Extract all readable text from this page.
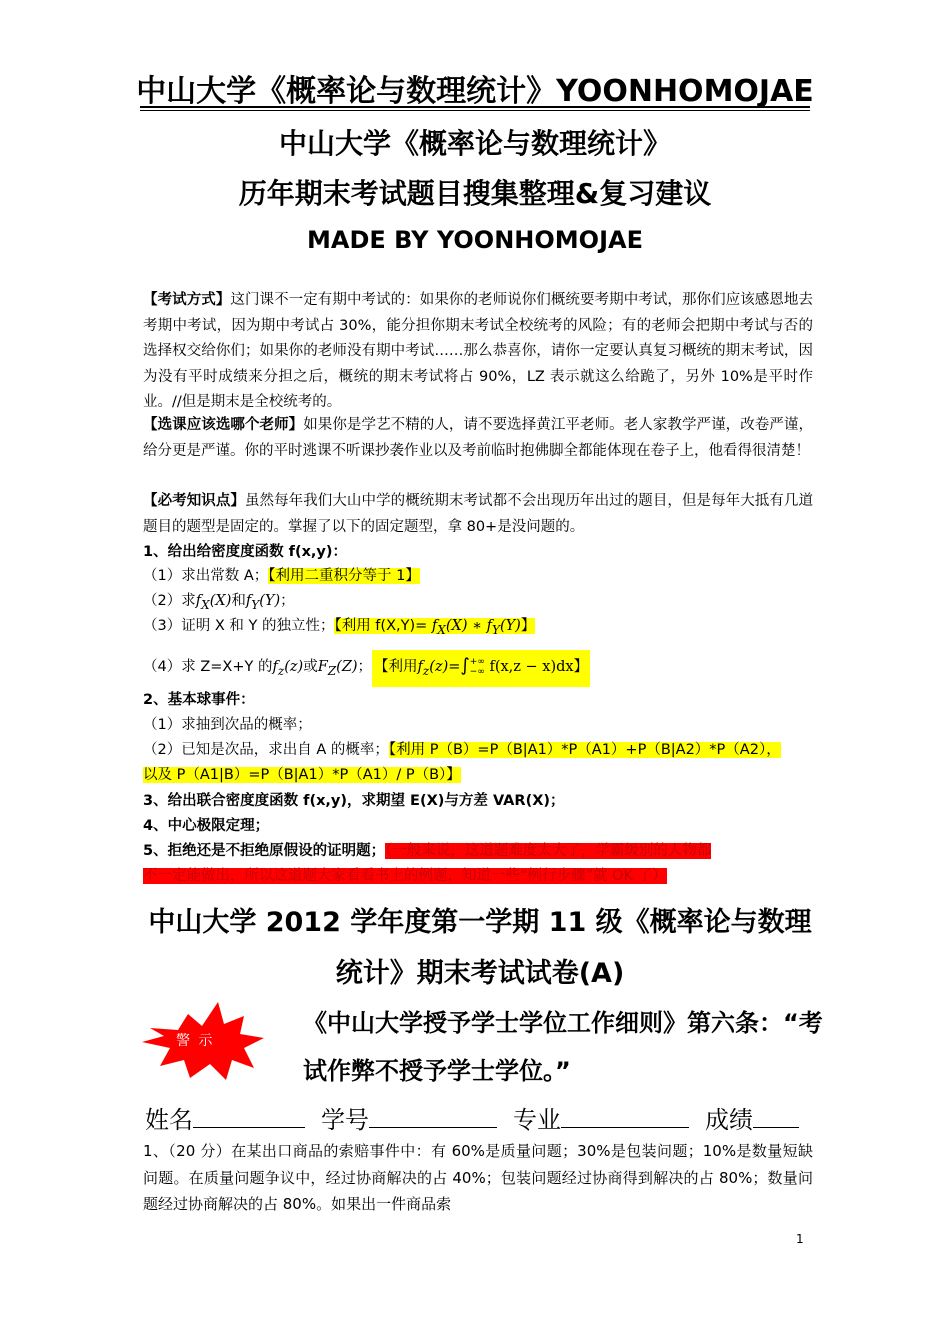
中山大学《概率论与数理统计》YOONHOMOJAE
中山大学《概率论与数理统计》
历年期末考试题目搜集整理&复习建议
MADE BY YOONHOMOJAE
【考试方式】这门课不一定有期中考试的：如果你的老师说你们概统要考期中考试，那你们应该感恩地去考期中考试，因为期中考试占 30%，能分担你期末考试全校统考的风险；有的老师会把期中考试与否的选择权交给你们；如果你的老师没有期中考试……那么恭喜你，请你一定要认真复习概统的期末考试，因为没有平时成绩来分担之后，概统的期末考试将占 90%，LZ 表示就这么给跪了，另外 10%是平时作业。//但是期末是全校统考的。
【选课应该选哪个老师】如果你是学艺不精的人，请不要选择黄江平老师。老人家教学严谨，改卷严谨，给分更是严谨。你的平时逃课不听课抄袭作业以及考前临时抱佛脚全都能体现在卷子上，他看得很清楚！
【必考知识点】虽然每年我们大山中学的概统期末考试都不会出现历年出过的题目，但是每年大抵有几道题目的题型是固定的。掌握了以下的固定题型，拿 80+是没问题的。
1、给出给密度度函数 f(x,y)：
（1）求出常数 A；【利用二重积分等于 1】
（2）求$f_X(X)$和$f_Y(Y)$；
（3）证明 X 和 Y 的独立性；【利用 $f(X,Y)= f_X(X)$ ∗ $f_Y(Y)$】
（4）求 Z=X+Y 的$f_z(z)$或$F_Z(Z)$； 【利用$f_z(z)=\int$ +∞
−∞ f(x,z − x)dx】
2、基本球事件：
（1）求抽到次品的概率；
（2）已知是次品，求出自 A 的概率；【利用 P（B）=P（B|A1）*P（A1）+P（B|A2）*P（A2），
以及 P（A1|B）=P（B|A1）*P（A1）/ P（B）】
3、给出联合密度度函数 f(x,y)，求期望 E(X)与方差 VAR(X)；
4、中心极限定理；
5、拒绝还是不拒绝原假设的证明题；（一般来说，这道题难度太大了，学霸级别的人物都
不一定能做出，所以这道题大家看看书上的例题，知道一些“例行步骤”就 OK 了）
中山大学 2012 学年度第一学期 11 级《概率论与数理
统计》期末考试试卷(A)
警 示
《中山大学授予学士学位工作细则》第六条：“考
试作弊不授予学士学位。”
姓名	学号	专业	成绩
1、（20 分）在某出口商品的索赔事件中：有 60%是质量问题；30%是包装问题；10%是数量短缺问题。在质量问题争议中，经过协商解决的占 40%；包装问题经过协商得到解决的占 80%；数量问题经过协商解决的占 80%。如果出一件商品索
1
